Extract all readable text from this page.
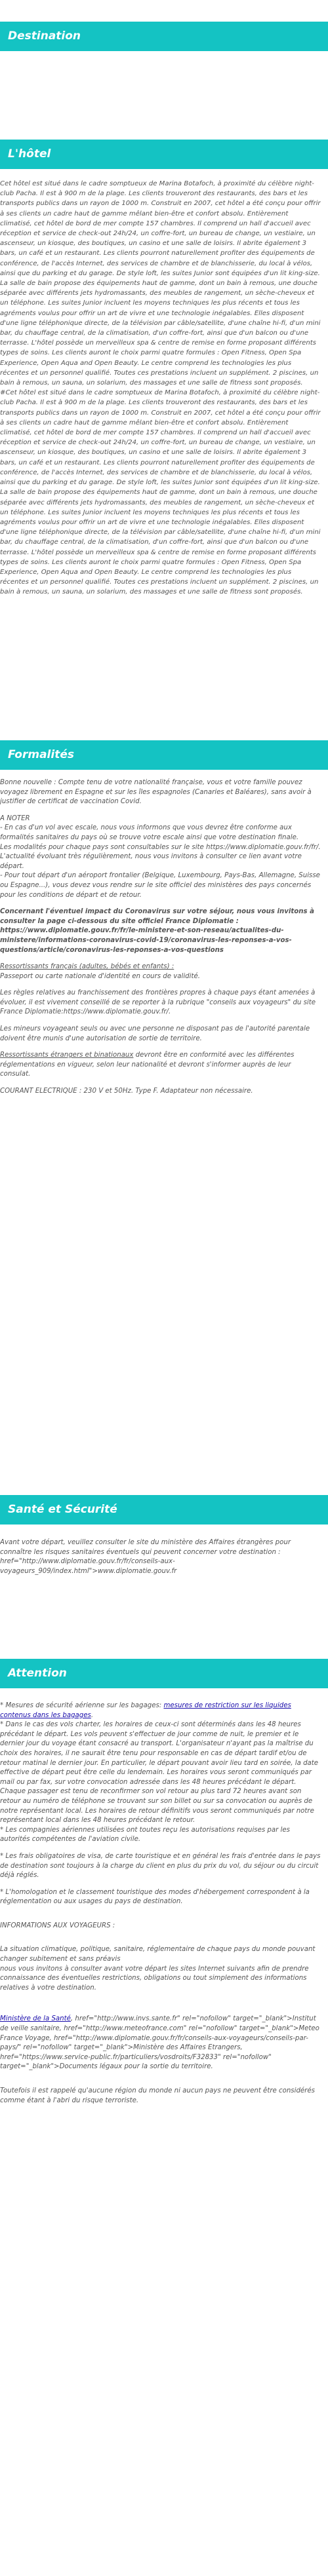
Destination
L'hôtel

Cet hôtel est situé dans le cadre somptueux de Marina Botafoch, à proximité du célèbre night-club Pacha. Il est à 900 m de la plage. Les clients trouveront des restaurants, des bars et les transports publics dans un rayon de 1000 m. Construit en 2007, cet hôtel a été conçu pour offrir à ses clients un cadre haut de gamme mêlant bien-être et confort absolu. Entièrement climatisé, cet hôtel de bord de mer compte 157 chambres. Il comprend un hall d'accueil avec réception et service de check-out 24h/24, un coffre-fort, un bureau de change, un vestiaire, un ascenseur, un kiosque, des boutiques, un casino et une salle de loisirs. Il abrite également 3 bars, un café et un restaurant. Les clients pourront naturellement profiter des équipements de conférence, de l'accès Internet, des services de chambre et de blanchisserie, du local à vélos, ainsi que du parking et du garage. De style loft, les suites Junior sont équipées d'un lit king-size. La salle de bain propose des équipements haut de gamme, dont un bain à remous, une douche séparée avec différents jets hydromassants, des meubles de rangement, un sèche-cheveux et un téléphone. Les suites Junior incluent les moyens techniques les plus récents et tous les agréments voulus pour offrir un art de vivre et une technologie inégalables. Elles disposent d'une ligne téléphonique directe, de la télévision par câble/satellite, d'une chaîne hi-fi, d'un mini bar, du chauffage central, de la climatisation, d'un coffre-fort, ainsi que d'un balcon ou d'une terrasse. L'hôtel possède un merveilleux spa & centre de remise en forme proposant différents types de soins. Les clients auront le choix parmi quatre formules : Open Fitness, Open Spa Experience, Open Aqua and Open Beauty. Le centre comprend les technologies les plus récentes et un personnel qualifié. Toutes ces prestations incluent un supplément. 2 piscines, un bain à remous, un sauna, un solarium, des massages et une salle de fitness sont proposés. #Cet hôtel est situé dans le cadre somptueux de Marina Botafoch, à proximité du célèbre night-club Pacha. Il est à 900 m de la plage. Les clients trouveront des restaurants, des bars et les transports publics dans un rayon de 1000 m. Construit en 2007, cet hôtel a été conçu pour offrir à ses clients un cadre haut de gamme mêlant bien-être et confort absolu. Entièrement climatisé, cet hôtel de bord de mer compte 157 chambres. Il comprend un hall d'accueil avec réception et service de check-out 24h/24, un coffre-fort, un bureau de change, un vestiaire, un ascenseur, un kiosque, des boutiques, un casino et une salle de loisirs. Il abrite également 3 bars, un café et un restaurant. Les clients pourront naturellement profiter des équipements de conférence, de l'accès Internet, des services de chambre et de blanchisserie, du local à vélos, ainsi que du parking et du garage. De style loft, les suites Junior sont équipées d'un lit king-size. La salle de bain propose des équipements haut de gamme, dont un bain à remous, une douche séparée avec différents jets hydromassants, des meubles de rangement, un sèche-cheveux et un téléphone. Les suites Junior incluent les moyens techniques les plus récents et tous les agréments voulus pour offrir un art de vivre et une technologie inégalables. Elles disposent d'une ligne téléphonique directe, de la télévision par câble/satellite, d'une chaîne hi-fi, d'un mini bar, du chauffage central, de la climatisation, d'un coffre-fort, ainsi que d'un balcon ou d'une terrasse. L'hôtel possède un merveilleux spa & centre de remise en forme proposant différents types de soins. Les clients auront le choix parmi quatre formules : Open Fitness, Open Spa Experience, Open Aqua and Open Beauty. Le centre comprend les technologies les plus récentes et un personnel qualifié. Toutes ces prestations incluent un supplément. 2 piscines, un bain à remous, un sauna, un solarium, des massages et une salle de fitness sont proposés.

Formalités

Bonne nouvelle : Compte tenu de votre nationalité française, vous et votre famille pouvez voyagez librement en Espagne et sur les îles espagnoles (Canaries et Baléares), sans avoir à justifier de certificat de vaccination Covid.

A NOTER
- En cas d'un vol avec escale, nous vous informons que vous devrez être conforme aux formalités sanitaires du pays où se trouve votre escale ainsi que votre destination finale.
Les modalités pour chaque pays sont consultables sur le site https://www.diplomatie.gouv.fr/fr/. L'actualité évoluant très régulièrement, nous vous invitons à consulter ce lien avant votre départ.
- Pour tout départ d'un aéroport frontalier (Belgique, Luxembourg, Pays-Bas, Allemagne, Suisse ou Espagne...), vous devez vous rendre sur le site officiel des ministères des pays concernés pour les conditions de départ et de retour.

Concernant l'éventuel impact du Coronavirus sur votre séjour, nous vous invitons à consulter la page ci-dessous du site officiel France Diplomatie : https://www.diplomatie.gouv.fr/fr/le-ministere-et-son-reseau/actualites-du-ministere/informations-coronavirus-covid-19/coronavirus-les-reponses-a-vos-questions/article/coronavirus-les-reponses-a-vos-questions

Ressortissants français (adultes, bébés et enfants) :
Passeport ou carte nationale d'identité en cours de validité.

Les règles relatives au franchissement des frontières propres à chaque pays étant amenées à évoluer, il est vivement conseillé de se reporter à la rubrique "conseils aux voyageurs" du site France Diplomatie:https://www.diplomatie.gouv.fr/.

Les mineurs voyageant seuls ou avec une personne ne disposant pas de l'autorité parentale doivent être munis d'une autorisation de sortie de territoire.

Ressortissants étrangers et binationaux devront être en conformité avec les différentes réglementations en vigueur, selon leur nationalité et devront s'informer auprès de leur consulat.

COURANT ELECTRIQUE : 230 V et 50Hz. Type F. Adaptateur non nécessaire.

Santé et Sécurité

Avant votre départ, veuillez consulter le site du ministère des Affaires étrangères pour connaître les risques sanitaires éventuels qui peuvent concerner votre destination : href="http://www.diplomatie.gouv.fr/fr/conseils-aux-voyageurs_909/index.html">www.diplomatie.gouv.fr

Attention

* Mesures de sécurité aérienne sur les bagages: mesures de restriction sur les liquides contenus dans les bagages.

* Dans le cas des vols charter, les horaires de ceux-ci sont déterminés dans les 48 heures précédant le départ. Les vols peuvent s'effectuer de jour comme de nuit, le premier et le dernier jour du voyage étant consacré au transport. L'organisateur n'ayant pas la maîtrise du choix des horaires, il ne saurait être tenu pour responsable en cas de départ tardif et/ou de retour matinal le dernier jour. En particulier, le départ pouvant avoir lieu tard en soirée, la date effective de départ peut être celle du lendemain. Les horaires vous seront communiqués par mail ou par fax, sur votre convocation adressée dans les 48 heures précédant le départ. Chaque passager est tenu de reconfirmer son vol retour au plus tard 72 heures avant son retour au numéro de téléphone se trouvant sur son billet ou sur sa convocation ou auprès de notre représentant local. Les horaires de retour définitifs vous seront communiqués par notre représentant local dans les 48 heures précédant le retour.
* Les compagnies aériennes utilisées ont toutes reçu les autorisations requises par les autorités compétentes de l'aviation civile.

* Les frais obligatoires de visa, de carte touristique et en général les frais d'entrée dans le pays de destination sont toujours à la charge du client en plus du prix du vol, du séjour ou du circuit déjà réglés.

* L'homologation et le classement touristique des modes d'hébergement correspondent à la réglementation ou aux usages du pays de destination.

INFORMATIONS AUX VOYAGEURS :

La situation climatique, politique, sanitaire, réglementaire de chaque pays du monde pouvant changer subitement et sans préavis
nous vous invitons à consulter avant votre départ les sites Internet suivants afin de prendre connaissance des éventuelles restrictions, obligations ou tout simplement des informations relatives à votre destination.

Ministère de la Santé, href="http://www.invs.sante.fr" rel="nofollow" target="_blank">Institut de veille sanitaire, href="http://www.meteofrance.com" rel="nofollow" target="_blank">Meteo France Voyage, href="http://www.diplomatie.gouv.fr/fr/conseils-aux-voyageurs/conseils-par-pays/" rel="nofollow" target="_blank">Ministère des Affaires Etrangers, href="https://www.service-public.fr/particuliers/vosdroits/F32833" rel="nofollow" target="_blank">Documents légaux pour la sortie du territoire.

Toutefois il est rappelé qu'aucune région du monde ni aucun pays ne peuvent être considérés comme étant à l'abri du risque terroriste.
